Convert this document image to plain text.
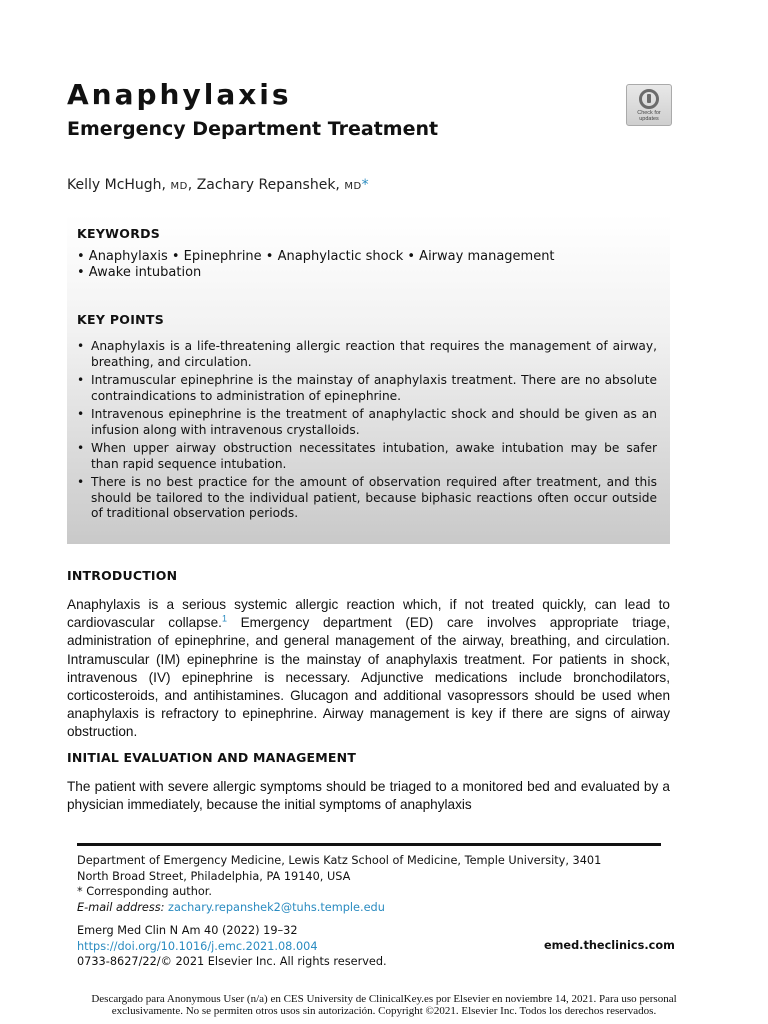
Anaphylaxis
Emergency Department Treatment
Check for updates
Kelly McHugh, MD, Zachary Repanshek, MD*
KEYWORDS
• Anaphylaxis • Epinephrine • Anaphylactic shock • Airway management
• Awake intubation
KEY POINTS
• Anaphylaxis is a life-threatening allergic reaction that requires the management of airway, breathing, and circulation.
• Intramuscular epinephrine is the mainstay of anaphylaxis treatment. There are no absolute contraindications to administration of epinephrine.
• Intravenous epinephrine is the treatment of anaphylactic shock and should be given as an infusion along with intravenous crystalloids.
• When upper airway obstruction necessitates intubation, awake intubation may be safer than rapid sequence intubation.
• There is no best practice for the amount of observation required after treatment, and this should be tailored to the individual patient, because biphasic reactions often occur outside of traditional observation periods.
INTRODUCTION

Anaphylaxis is a serious systemic allergic reaction which, if not treated quickly, can lead to cardiovascular collapse.$^1$ Emergency department (ED) care involves appropriate triage, administration of epinephrine, and general management of the airway, breathing, and circulation. Intramuscular (IM) epinephrine is the mainstay of anaphylaxis treatment. For patients in shock, intravenous (IV) epinephrine is necessary. Adjunctive medications include bronchodilators, corticosteroids, and antihistamines. Glucagon and additional vasopressors should be used when anaphylaxis is refractory to epinephrine. Airway management is key if there are signs of airway obstruction.

INITIAL EVALUATION AND MANAGEMENT

The patient with severe allergic symptoms should be triaged to a monitored bed and evaluated by a physician immediately, because the initial symptoms of anaphylaxis

Department of Emergency Medicine, Lewis Katz School of Medicine, Temple University, 3401
North Broad Street, Philadelphia, PA 19140, USA
* Corresponding author.
E-mail address: zachary.repanshek2@tuhs.temple.edu
Emerg Med Clin N Am 40 (2022) 19–32
https://doi.org/10.1016/j.emc.2021.08.004
0733-8627/22/© 2021 Elsevier Inc. All rights reserved.
emed.theclinics.com
Descargado para Anonymous User (n/a) en CES University de ClinicalKey.es por Elsevier en noviembre 14, 2021. Para uso personal
exclusivamente. No se permiten otros usos sin autorización. Copyright ©2021. Elsevier Inc. Todos los derechos reservados.
